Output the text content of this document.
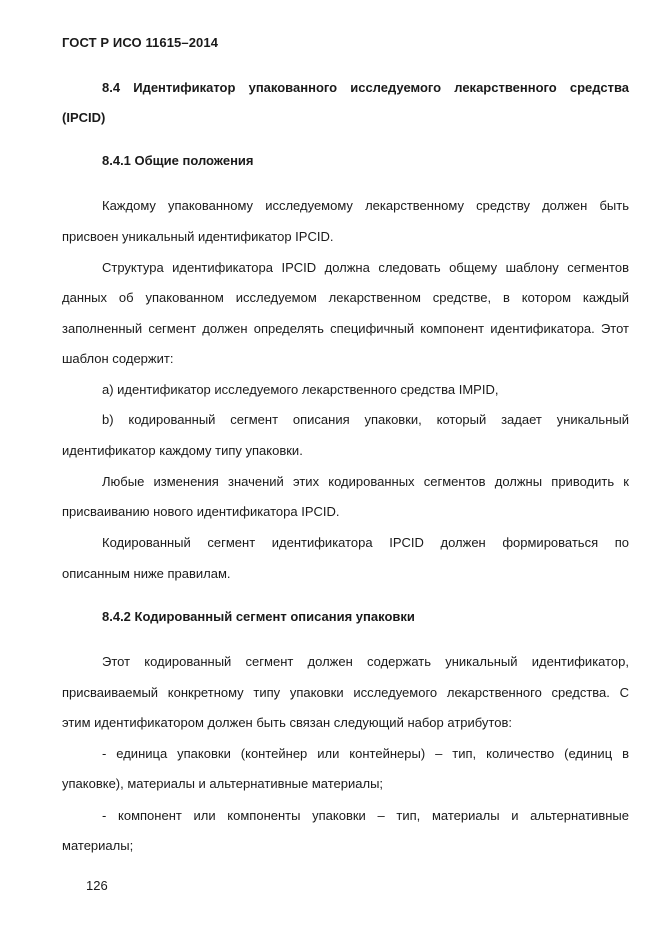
ГОСТ Р ИСО 11615–2014
8.4 Идентификатор упакованного исследуемого лекарственного средства
(IPCID)
8.4.1 Общие положения
Каждому упакованному исследуемому лекарственному средству должен быть
присвоен уникальный идентификатор IPCID.
Структура идентификатора IPCID должна следовать общему шаблону сегментов
данных об упакованном исследуемом лекарственном средстве, в котором каждый
заполненный сегмент должен определять специфичный компонент идентификатора. Этот
шаблон содержит:
a) идентификатор исследуемого лекарственного средства IMPID,
b) кодированный сегмент описания упаковки, который задает уникальный
идентификатор каждому типу упаковки.
Любые изменения значений этих кодированных сегментов должны приводить к
присваиванию нового идентификатора IPCID.
Кодированный сегмент идентификатора IPCID должен формироваться по
описанным ниже правилам.
8.4.2 Кодированный сегмент описания упаковки
Этот кодированный сегмент должен содержать уникальный идентификатор,
присваиваемый конкретному типу упаковки исследуемого лекарственного средства. С
этим идентификатором должен быть связан следующий набор атрибутов:
- единица упаковки (контейнер или контейнеры) – тип, количество (единиц в
упаковке), материалы и альтернативные материалы;
- компонент или компоненты упаковки – тип, материалы и альтернативные
материалы;
126
